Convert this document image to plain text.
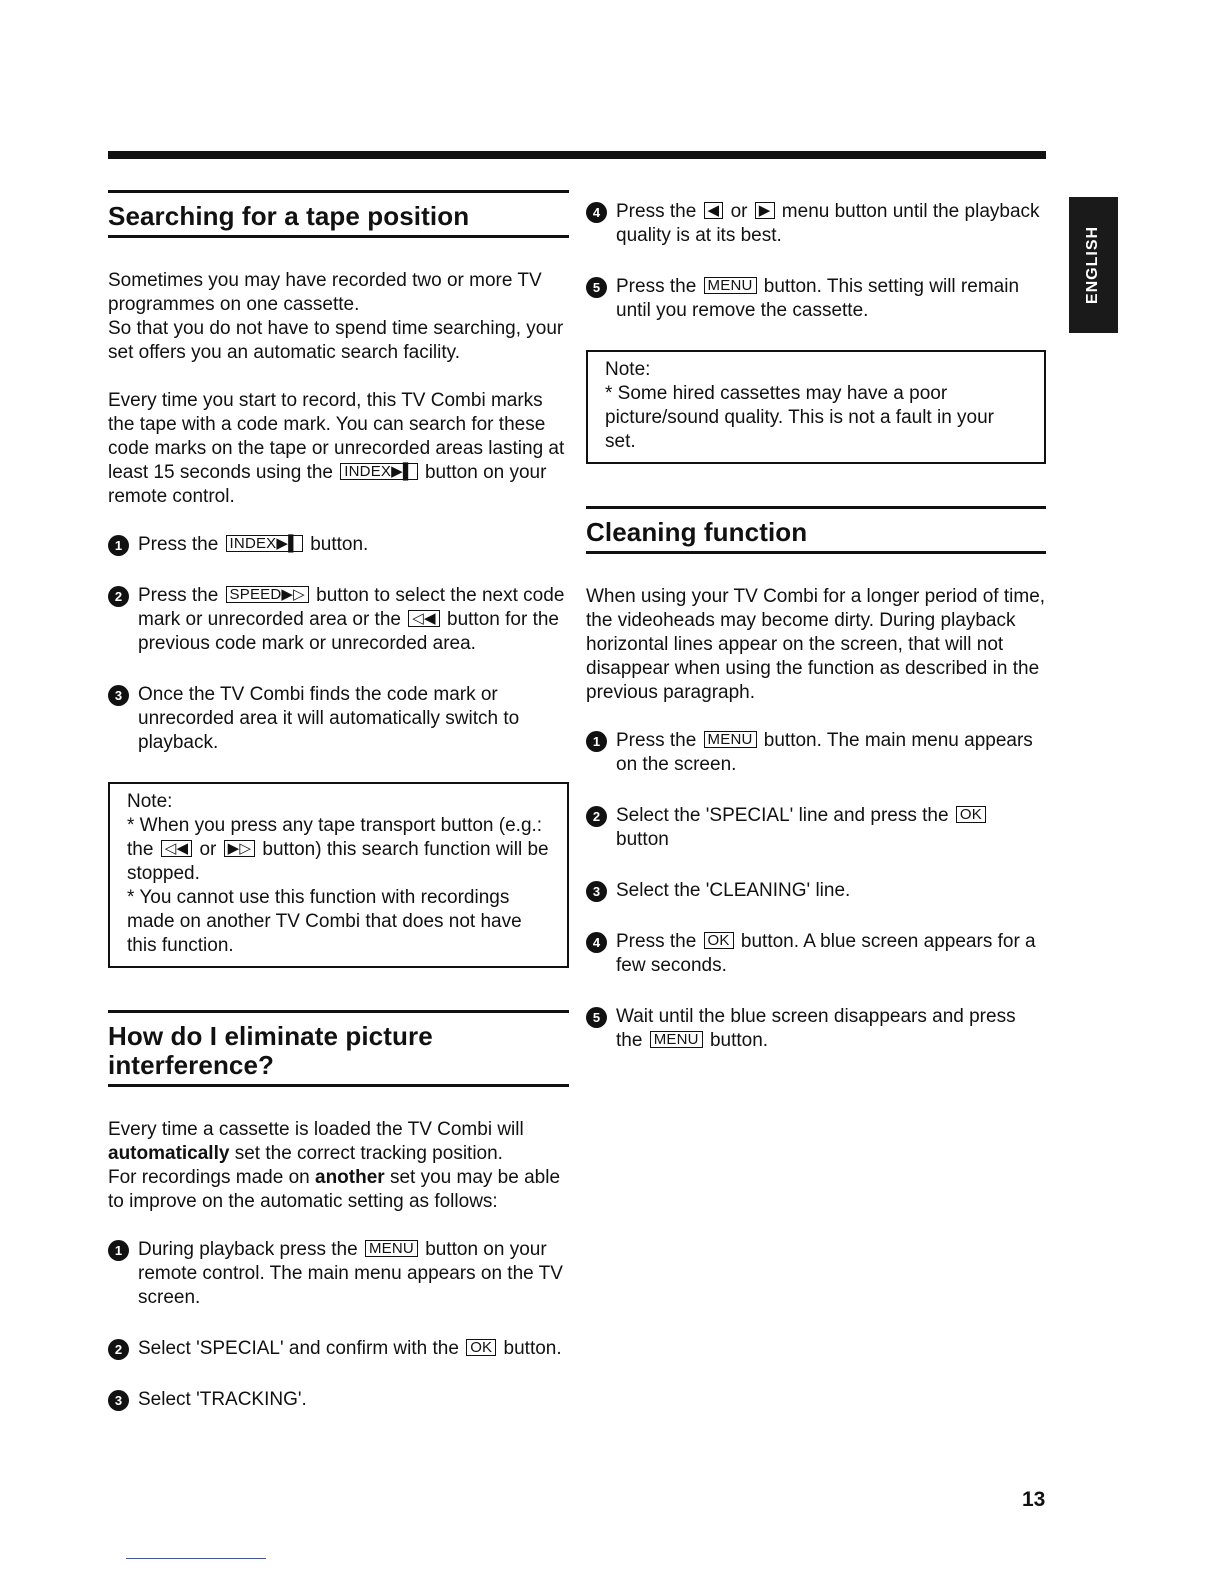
ENGLISH
Searching for a tape position

Sometimes you may have recorded two or more TV programmes on one cassette.
So that you do not have to spend time searching, your set offers you an automatic search facility.

Every time you start to record, this TV Combi marks the tape with a code mark. You can search for these code marks on the tape or unrecorded areas lasting at least 15 seconds using the INDEX▶▌ button on your remote control.

1 Press the INDEX▶▌ button.
2 Press the SPEED▶▷ button to select the next code mark or unrecorded area or the ◁◀ button for the previous code mark or unrecorded area.
3 Once the TV Combi finds the code mark or unrecorded area it will automatically switch to playback.

Note:

* When you press any tape transport button (e.g.: the ◁◀ or ▶▷ button) this search function will be stopped.

* You cannot use this function with recordings made on another TV Combi that does not have this function.

How do I eliminate picture interference?

Every time a cassette is loaded the TV Combi will automatically set the correct tracking position.
For recordings made on another set you may be able to improve on the automatic setting as follows:

1 During playback press the MENU button on your remote control. The main menu appears on the TV screen.
2 Select 'SPECIAL' and confirm with the OK button.
3 Select 'TRACKING'.
4 Press the ◀ or ▶ menu button until the playback quality is at its best.
5 Press the MENU button. This setting will remain until you remove the cassette.

Note:

* Some hired cassettes may have a poor picture/sound quality. This is not a fault in your set.

Cleaning function

When using your TV Combi for a longer period of time, the videoheads may become dirty. During playback horizontal lines appear on the screen, that will not disappear when using the function as described in the previous paragraph.

1 Press the MENU button. The main menu appears on the screen.
2 Select the 'SPECIAL' line and press the OK button
3 Select the 'CLEANING' line.
4 Press the OK button. A blue screen appears for a few seconds.
5 Wait until the blue screen disappears and press the MENU button.
13
